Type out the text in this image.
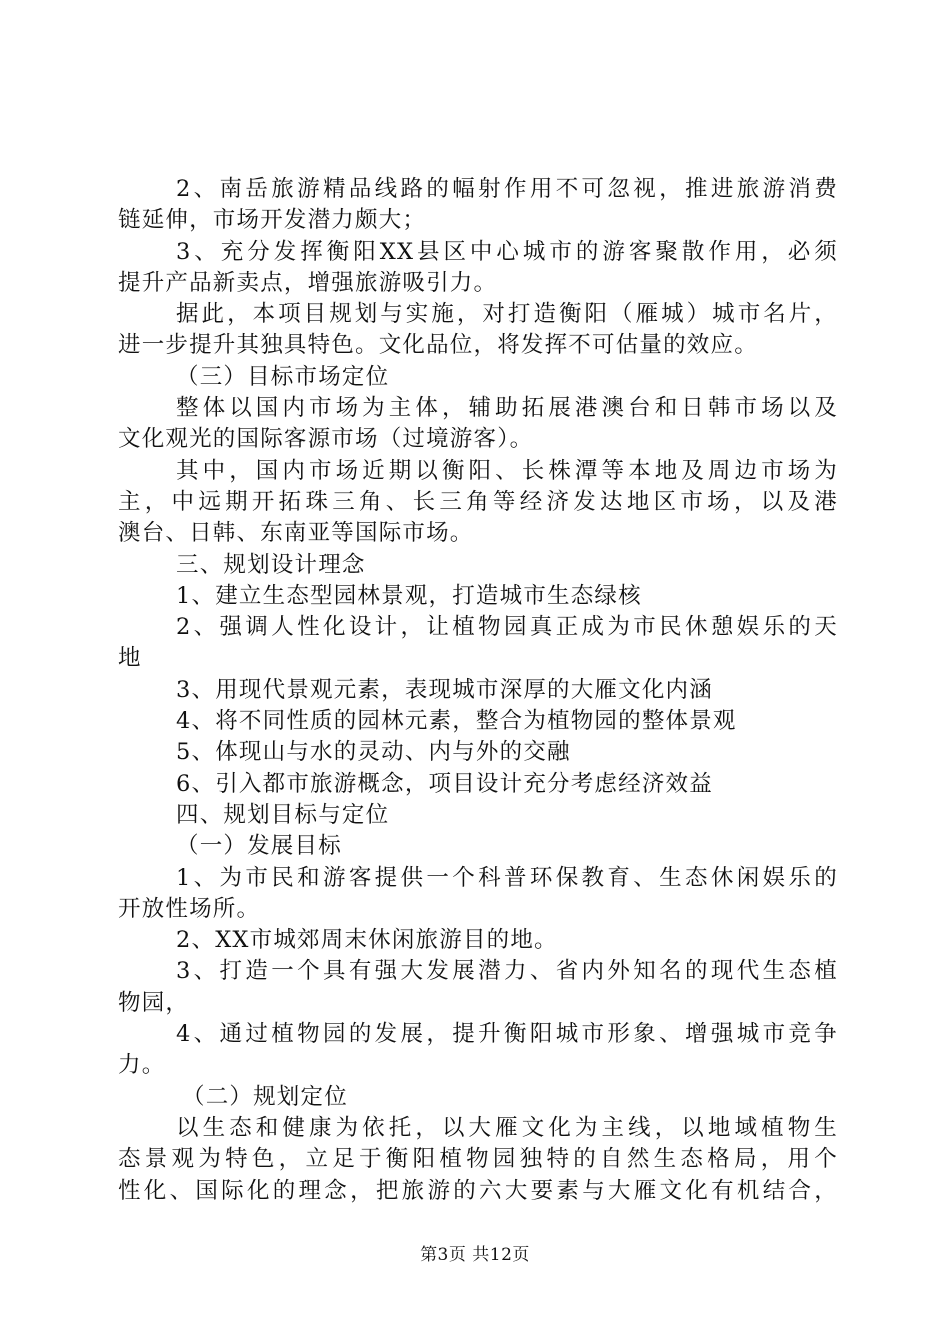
2、南岳旅游精品线路的幅射作用不可忽视，推进旅游消费
链延伸，市场开发潜力颇大；
3、充分发挥衡阳XX县区中心城市的游客聚散作用，必须
提升产品新卖点，增强旅游吸引力。
据此，本项目规划与实施，对打造衡阳（雁城）城市名片，
进一步提升其独具特色。文化品位，将发挥不可估量的效应。
（三）目标市场定位
整体以国内市场为主体，辅助拓展港澳台和日韩市场以及
文化观光的国际客源市场（过境游客）。
其中，国内市场近期以衡阳、长株潭等本地及周边市场为
主，中远期开拓珠三角、长三角等经济发达地区市场，以及港
澳台、日韩、东南亚等国际市场。
三、规划设计理念
1、建立生态型园林景观，打造城市生态绿核
2、强调人性化设计，让植物园真正成为市民休憩娱乐的天
地
3、用现代景观元素，表现城市深厚的大雁文化内涵
4、将不同性质的园林元素，整合为植物园的整体景观
5、体现山与水的灵动、内与外的交融
6、引入都市旅游概念，项目设计充分考虑经济效益
四、规划目标与定位
（一）发展目标
1、为市民和游客提供一个科普环保教育、生态休闲娱乐的
开放性场所。
2、XX市城郊周末休闲旅游目的地。
3、打造一个具有强大发展潜力、省内外知名的现代生态植
物园，
4、通过植物园的发展，提升衡阳城市形象、增强城市竞争
力。
（二）规划定位
以生态和健康为依托，以大雁文化为主线，以地域植物生
态景观为特色，立足于衡阳植物园独特的自然生态格局，用个
性化、国际化的理念，把旅游的六大要素与大雁文化有机结合，
第3页 共12页
